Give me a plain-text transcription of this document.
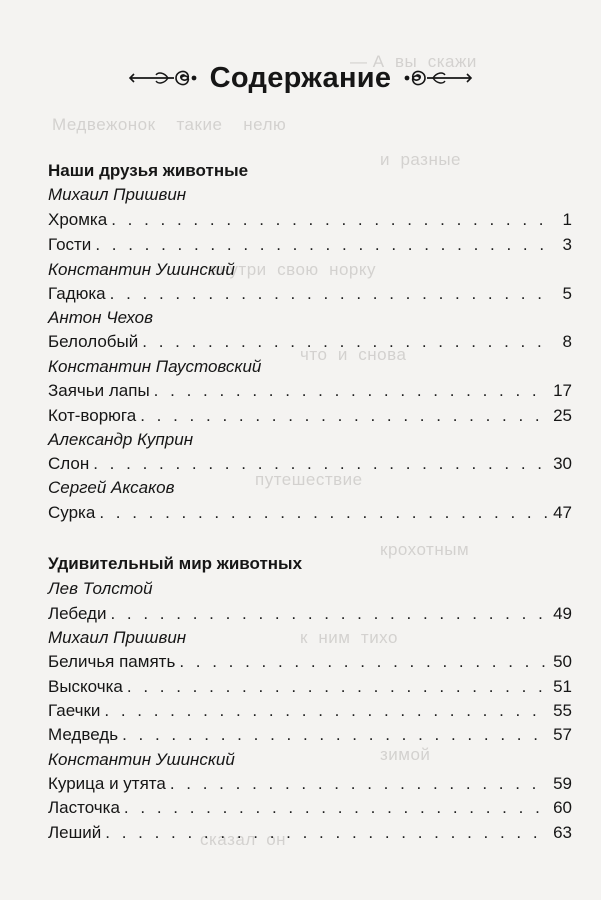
— А  вы  скажи
Медвежонок    такие    нелю
и  разные
внутри  свою  норку
что  и  снова
путешествие
крохотным
к  ним  тихо
зимой
сказал  он
Содержание
Наши друзья животные
Михаил Пришвин
Хромка . . .	1
Гости . . .	3
Константин Ушинский
Гадюка . . .	5
Антон Чехов
Белолобый . . .	8
Константин Паустовский
Заячьи лапы . . .	17
Кот-ворюга . . .	25
Александр Куприн
Слон . . .	30
Сергей Аксаков
Сурка . . .	47
Удивительный мир животных
Лев Толстой
Лебеди . . .	49
Михаил Пришвин
Беличья память . . .	50
Выскочка . . .	51
Гаечки . . .	55
Медведь . . .	57
Константин Ушинский
Курица и утята . . .	59
Ласточка . . .	60
Леший . . .	63
